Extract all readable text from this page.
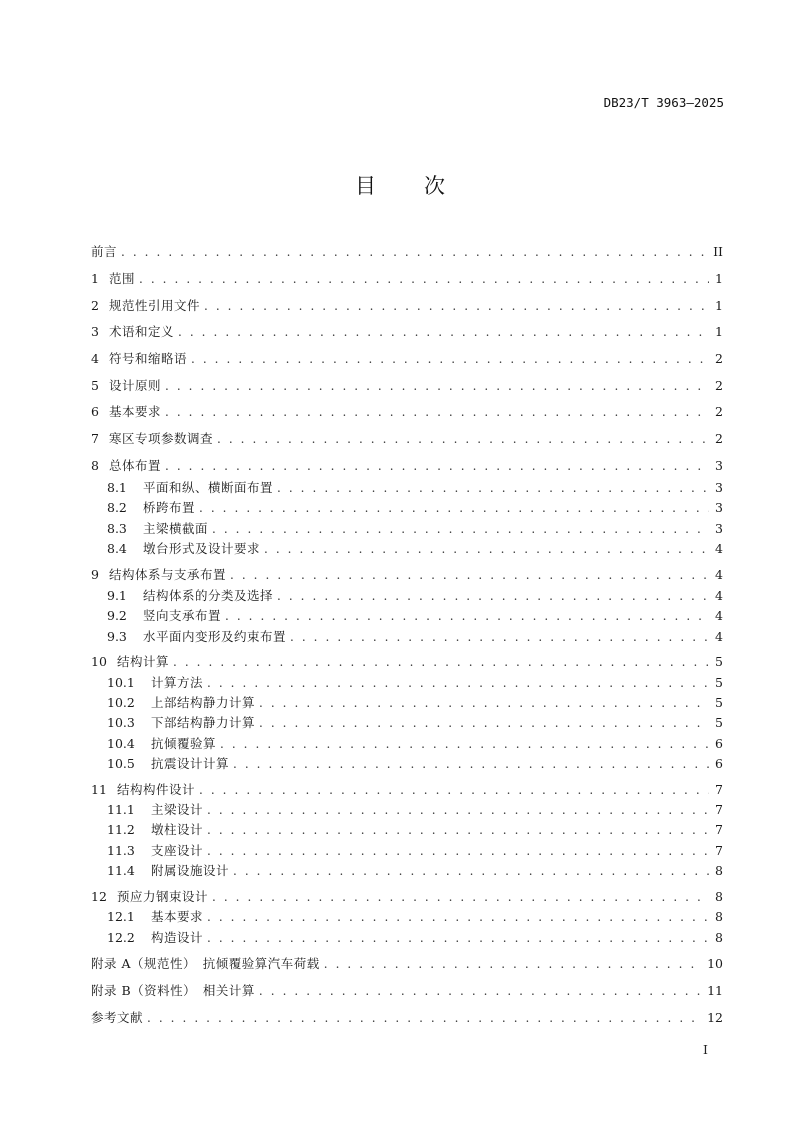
DB23/T 3963—2025
目 次
前言 . . .	II
1 范围 . . .	1
2 规范性引用文件 . . .	1
3 术语和定义 . . .	1
4 符号和缩略语 . . .	2
5 设计原则 . . .	2
6 基本要求 . . .	2
7 寒区专项参数调查 . . .	2
8 总体布置 . . .	3
8.1	平面和纵、横断面布置 . . .	3
8.2	桥跨布置 . . .	3
8.3	主梁横截面 . . .	3
8.4	墩台形式及设计要求 . . .	4
9 结构体系与支承布置 . . .	4
9.1	结构体系的分类及选择 . . .	4
9.2	竖向支承布置 . . .	4
9.3	水平面内变形及约束布置 . . .	4
10 结构计算 . . .	5
10.1	计算方法 . . .	5
10.2	上部结构静力计算 . . .	5
10.3	下部结构静力计算 . . .	5
10.4	抗倾覆验算 . . .	6
10.5	抗震设计计算 . . .	6
11 结构构件设计 . . .	7
11.1	主梁设计 . . .	7
11.2	墩柱设计 . . .	7
11.3	支座设计 . . .	7
11.4	附属设施设计 . . .	8
12 预应力钢束设计 . . .	8
12.1	基本要求 . . .	8
12.2	构造设计 . . .	8
附录 A（规范性）　抗倾覆验算汽车荷载 . . .	10
附录 B（资料性）　相关计算 . . .	11
参考文献 . . .	12
I
